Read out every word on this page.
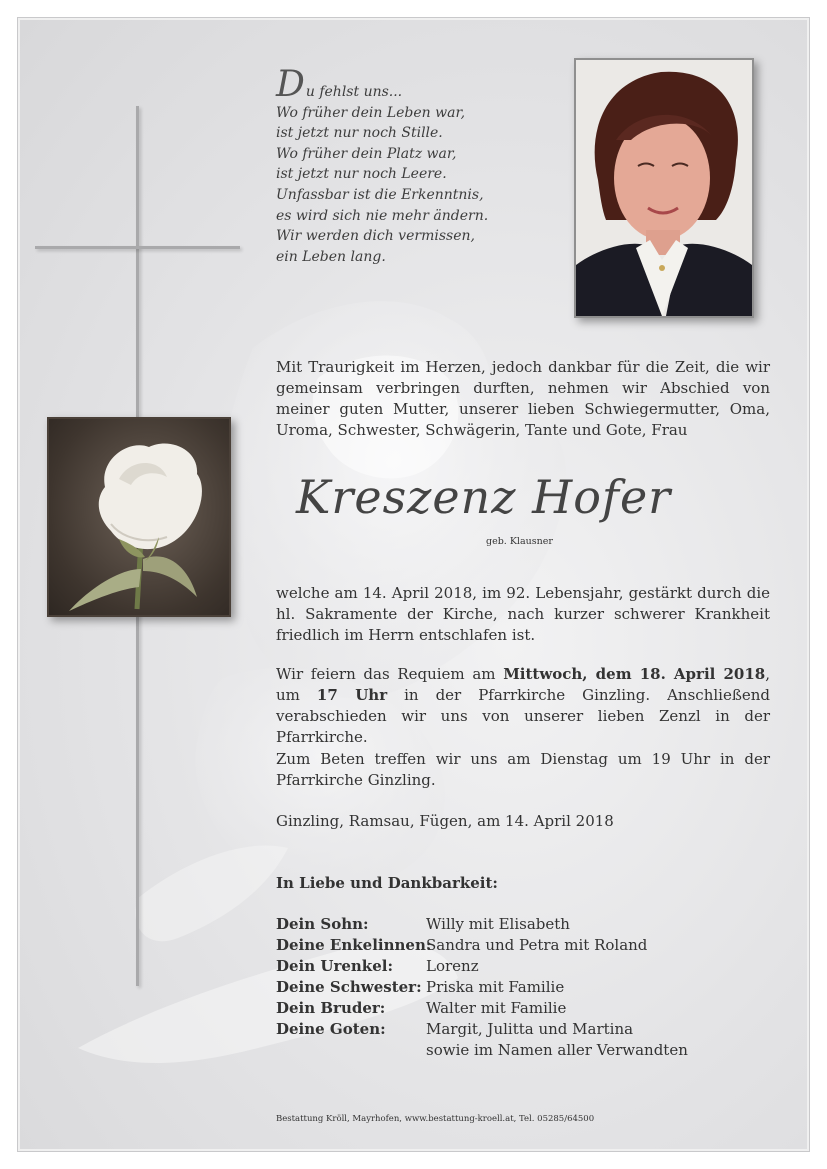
Du fehlst uns...
Wo früher dein Leben war,
ist jetzt nur noch Stille.
Wo früher dein Platz war,
ist jetzt nur noch Leere.
Unfassbar ist die Erkenntnis,
es wird sich nie mehr ändern.
Wir werden dich vermissen,
ein Leben lang.

Mit Traurigkeit im Herzen, jedoch dankbar für die Zeit, die wir gemeinsam verbringen durften, nehmen wir Abschied von meiner guten Mutter, unserer lieben Schwiegermutter, Oma, Uroma, Schwester, Schwägerin, Tante und Gote, Frau

Kreszenz Hofer
geb. Klausner

welche am 14. April 2018, im 92. Lebensjahr, gestärkt durch die hl. Sakramente der Kirche, nach kurzer schwerer Krankheit friedlich im Herrn entschlafen ist.

Wir feiern das Requiem am Mittwoch, dem 18. April 2018, um 17 Uhr in der Pfarrkirche Ginzling. Anschließend verabschieden wir uns von unserer lieben Zenzl in der Pfarrkirche.

Zum Beten treffen wir uns am Dienstag um 19 Uhr in der Pfarrkirche Ginzling.

Ginzling, Ramsau, Fügen, am 14. April 2018

In Liebe und Dankbarkeit:
Dein Sohn:	Willy mit Elisabeth
Deine Enkelinnen:
Sandra und Petra mit Roland
Dein Urenkel:	Lorenz
Deine Schwester: Priska mit Familie
Dein Bruder:	Walter mit Familie
Deine Goten:	Margit, Julitta und Martina
sowie im Namen aller Verwandten
Bestattung Kröll, Mayrhofen, www.bestattung-kroell.at, Tel. 05285/64500
